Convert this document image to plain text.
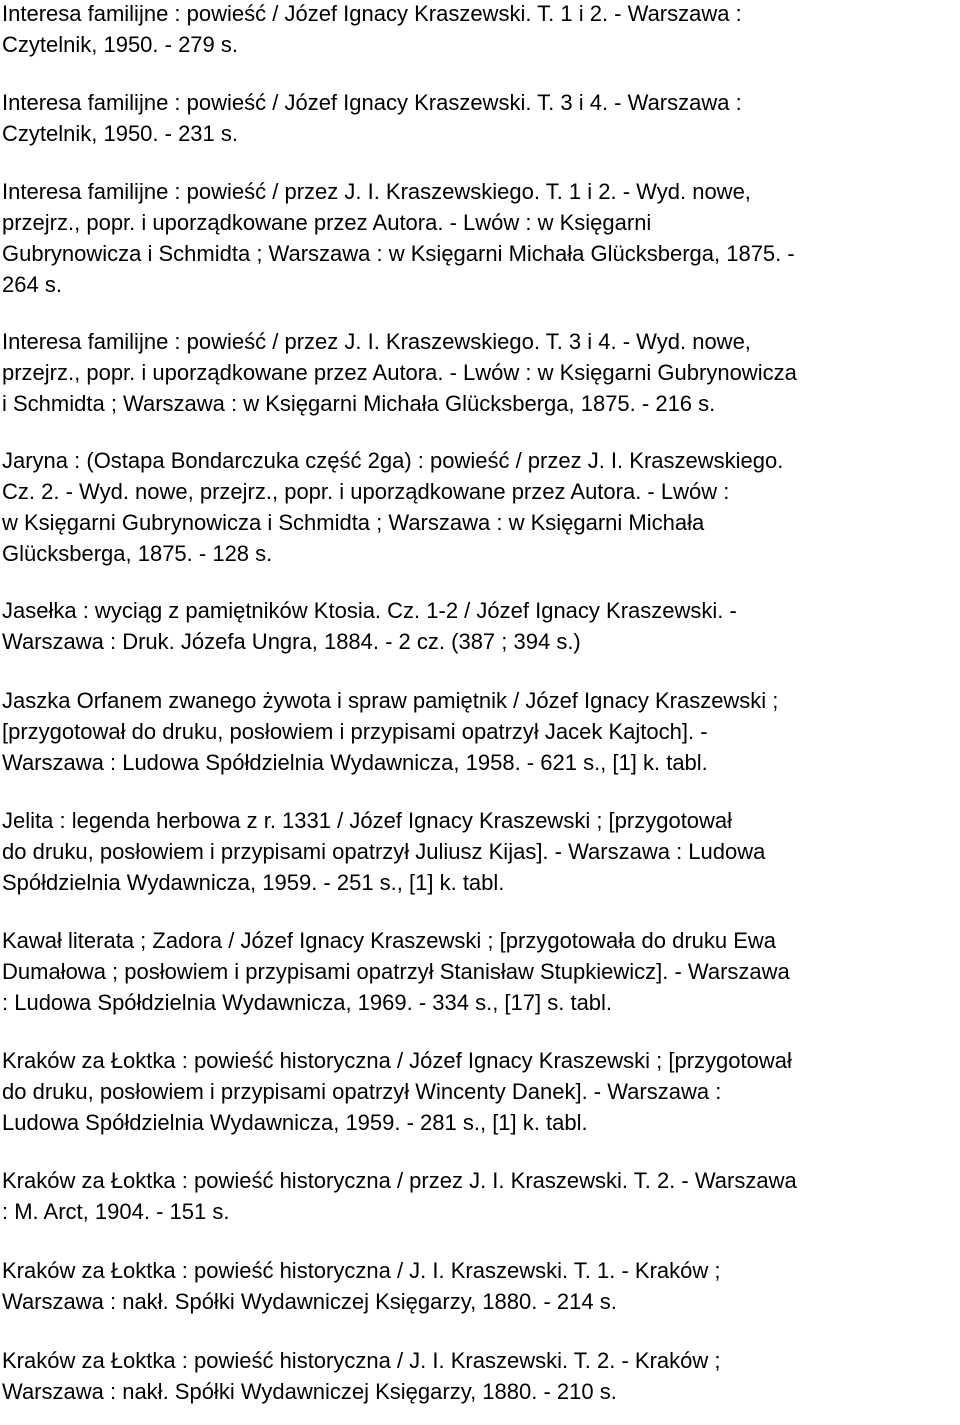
Interesa familijne : powieść / Józef Ignacy Kraszewski. T. 1 i 2. - Warszawa :
Czytelnik, 1950. - 279 s.

Interesa familijne : powieść / Józef Ignacy Kraszewski. T. 3 i 4. - Warszawa :
Czytelnik, 1950. - 231 s.

Interesa familijne : powieść / przez J. I. Kraszewskiego. T. 1 i 2. - Wyd. nowe,
przejrz., popr. i uporządkowane przez Autora. - Lwów : w Księgarni
Gubrynowicza i Schmidta ; Warszawa : w Księgarni Michała Glücksberga, 1875. -
264 s.

Interesa familijne : powieść / przez J. I. Kraszewskiego. T. 3 i 4. - Wyd. nowe,
przejrz., popr. i uporządkowane przez Autora. - Lwów : w Księgarni Gubrynowicza
i Schmidta ; Warszawa : w Księgarni Michała Glücksberga, 1875. - 216 s.

Jaryna : (Ostapa Bondarczuka część 2ga) : powieść / przez J. I. Kraszewskiego.
Cz. 2. - Wyd. nowe, przejrz., popr. i uporządkowane przez Autora. - Lwów :
w Księgarni Gubrynowicza i Schmidta ; Warszawa : w Księgarni Michała
Glücksberga, 1875. - 128 s.

Jasełka : wyciąg z pamiętników Ktosia. Cz. 1-2 / Józef Ignacy Kraszewski. -
Warszawa : Druk. Józefa Ungra, 1884. - 2 cz. (387 ; 394 s.)

Jaszka Orfanem zwanego żywota i spraw pamiętnik / Józef Ignacy Kraszewski ;
[przygotował do druku, posłowiem i przypisami opatrzył Jacek Kajtoch]. -
Warszawa : Ludowa Spółdzielnia Wydawnicza, 1958. - 621 s., [1] k. tabl.

Jelita : legenda herbowa z r. 1331 / Józef Ignacy Kraszewski ; [przygotował
do druku, posłowiem i przypisami opatrzył Juliusz Kijas]. - Warszawa : Ludowa
Spółdzielnia Wydawnicza, 1959. - 251 s., [1] k. tabl.

Kawał literata ; Zadora / Józef Ignacy Kraszewski ; [przygotowała do druku Ewa
Dumałowa ; posłowiem i przypisami opatrzył Stanisław Stupkiewicz]. - Warszawa
: Ludowa Spółdzielnia Wydawnicza, 1969. - 334 s., [17] s. tabl.

Kraków za Łoktka : powieść historyczna / Józef Ignacy Kraszewski ; [przygotował
do druku, posłowiem i przypisami opatrzył Wincenty Danek]. - Warszawa :
Ludowa Spółdzielnia Wydawnicza, 1959. - 281 s., [1] k. tabl.

Kraków za Łoktka : powieść historyczna / przez J. I. Kraszewski. T. 2. - Warszawa
: M. Arct, 1904. - 151 s.

Kraków za Łoktka : powieść historyczna / J. I. Kraszewski. T. 1. - Kraków ;
Warszawa : nakł. Spółki Wydawniczej Księgarzy, 1880. - 214 s.

Kraków za Łoktka : powieść historyczna / J. I. Kraszewski. T. 2. - Kraków ;
Warszawa : nakł. Spółki Wydawniczej Księgarzy, 1880. - 210 s.
